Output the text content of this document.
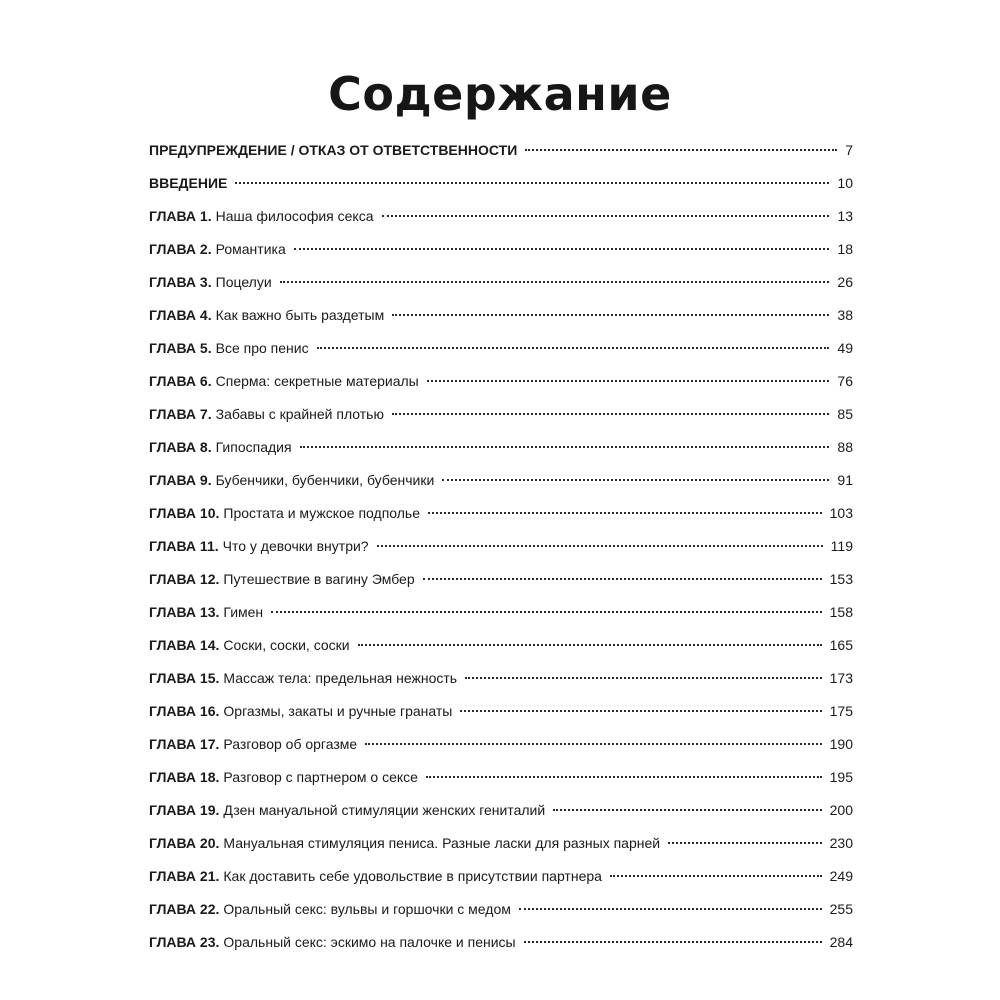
Содержание
ПРЕДУПРЕЖДЕНИЕ / ОТКАЗ ОТ ОТВЕТСТВЕННОСТИ	7
ВВЕДЕНИЕ	10
ГЛАВА 1. Наша философия секса	13
ГЛАВА 2. Романтика	18
ГЛАВА 3. Поцелуи	26
ГЛАВА 4. Как важно быть раздетым	38
ГЛАВА 5. Все про пенис	49
ГЛАВА 6. Сперма: секретные материалы	76
ГЛАВА 7. Забавы с крайней плотью	85
ГЛАВА 8. Гипоспадия	88
ГЛАВА 9. Бубенчики, бубенчики, бубенчики	91
ГЛАВА 10. Простата и мужское подполье	103
ГЛАВА 11. Что у девочки внутри?	119
ГЛАВА 12. Путешествие в вагину Эмбер	153
ГЛАВА 13. Гимен	158
ГЛАВА 14. Соски, соски, соски	165
ГЛАВА 15. Массаж тела: предельная нежность	173
ГЛАВА 16. Оргазмы, закаты и ручные гранаты	175
ГЛАВА 17. Разговор об оргазме	190
ГЛАВА 18. Разговор с партнером о сексе	195
ГЛАВА 19. Дзен мануальной стимуляции женских гениталий	200
ГЛАВА 20. Мануальная стимуляция пениса. Разные ласки для разных парней	230
ГЛАВА 21. Как доставить себе удовольствие в присутствии партнера	249
ГЛАВА 22. Оральный секс: вульвы и горшочки с медом	255
ГЛАВА 23. Оральный секс: эскимо на палочке и пенисы	284
